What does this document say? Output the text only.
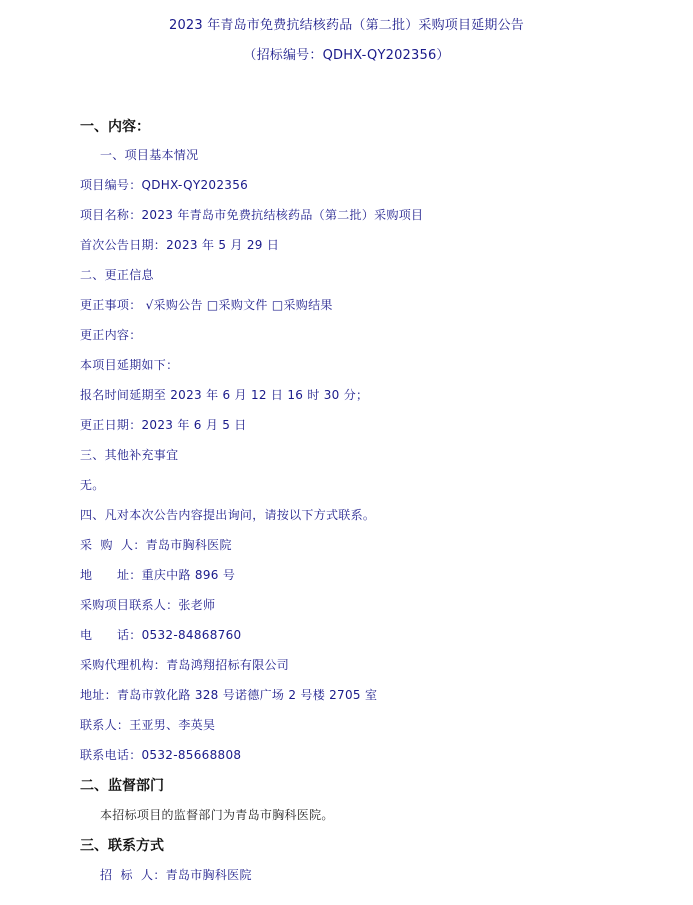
2023 年青岛市免费抗结核药品（第二批）采购项目延期公告
（招标编号：QDHX-QY202356）
一、内容：
一、项目基本情况
项目编号：QDHX-QY202356
项目名称：2023 年青岛市免费抗结核药品（第二批）采购项目
首次公告日期：2023 年 5 月 29 日
二、更正信息
更正事项： √采购公告 □采购文件 □采购结果
更正内容：
本项目延期如下：
报名时间延期至 2023 年 6 月 12 日 16 时 30 分；
更正日期：2023 年 6 月 5 日
三、其他补充事宜
无。
四、凡对本次公告内容提出询问，请按以下方式联系。
采  购  人：青岛市胸科医院
地      址：重庆中路 896 号
采购项目联系人：张老师
电      话：0532-84868760
采购代理机构：青岛鸿翔招标有限公司
地址：青岛市敦化路 328 号诺德广场 2 号楼 2705 室
联系人：王亚男、李英昊
联系电话：0532-85668808
二、监督部门
本招标项目的监督部门为青岛市胸科医院。
三、联系方式
招  标  人：青岛市胸科医院
